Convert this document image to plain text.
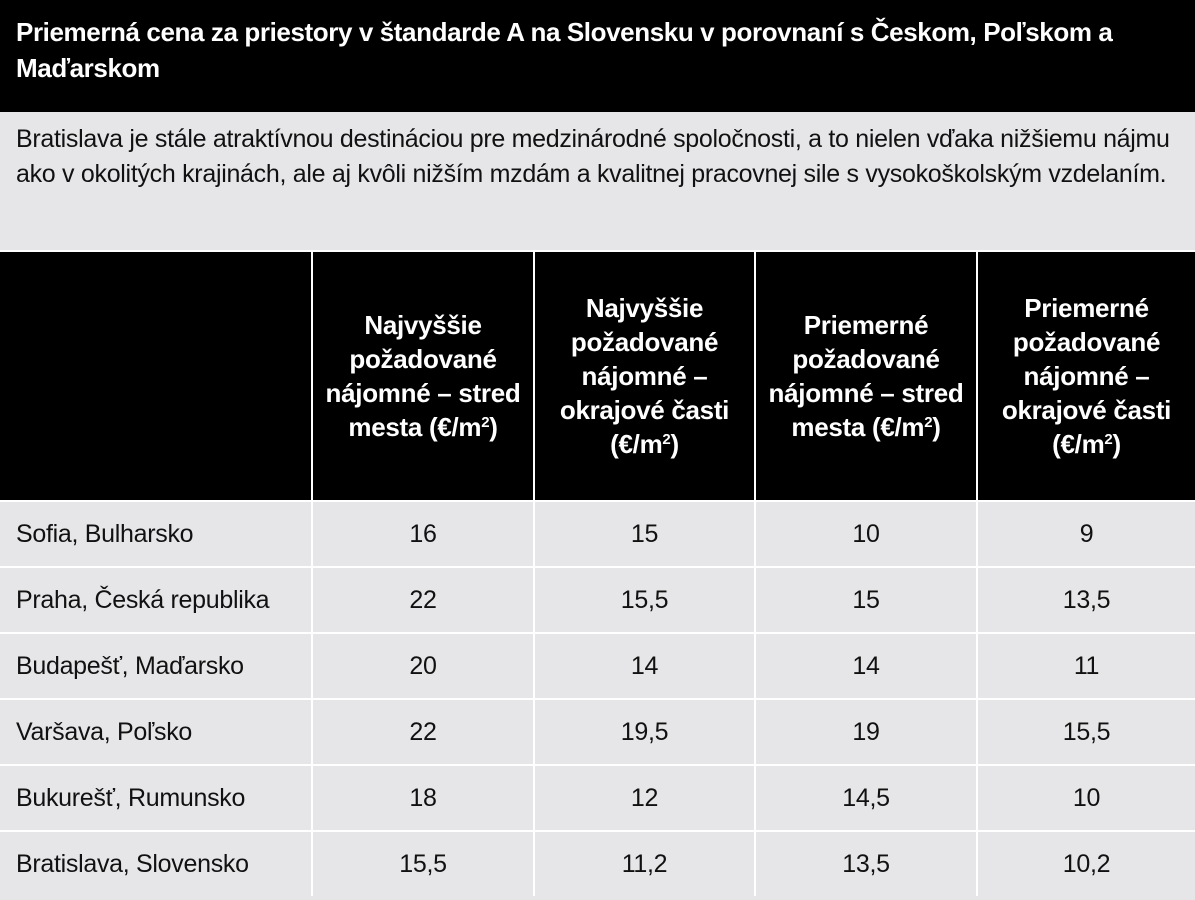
Priemerná cena za priestory v štandarde A na Slovensku v porovnaní s Českom, Poľskom a Maďarskom
Bratislava je stále atraktívnou destináciou pre medzinárodné spoločnosti, a to nielen vďaka nižšiemu nájmu ako v okolitých krajinách, ale aj kvôli nižším mzdám a kvalitnej pracovnej sile s vysokoškolským vzdelaním.

	Najvyššie požadované nájomné – stred mesta $(€/m^2)$	Najvyššie požadované nájomné – okrajové časti $(€/m^2)$	Priemerné požadované nájomné – stred mesta $(€/m^2)$	Priemerné požadované nájomné – okrajové časti $(€/m^2)$

Sofia, Bulharsko	16	15	10	9
Praha, Česká republika	22	15,5	15	13,5
Budapešť, Maďarsko	20	14	14	11
Varšava, Poľsko	22	19,5	19	15,5
Bukurešť, Rumunsko	18	12	14,5	10
Bratislava, Slovensko	15,5	11,2	13,5	10,2
